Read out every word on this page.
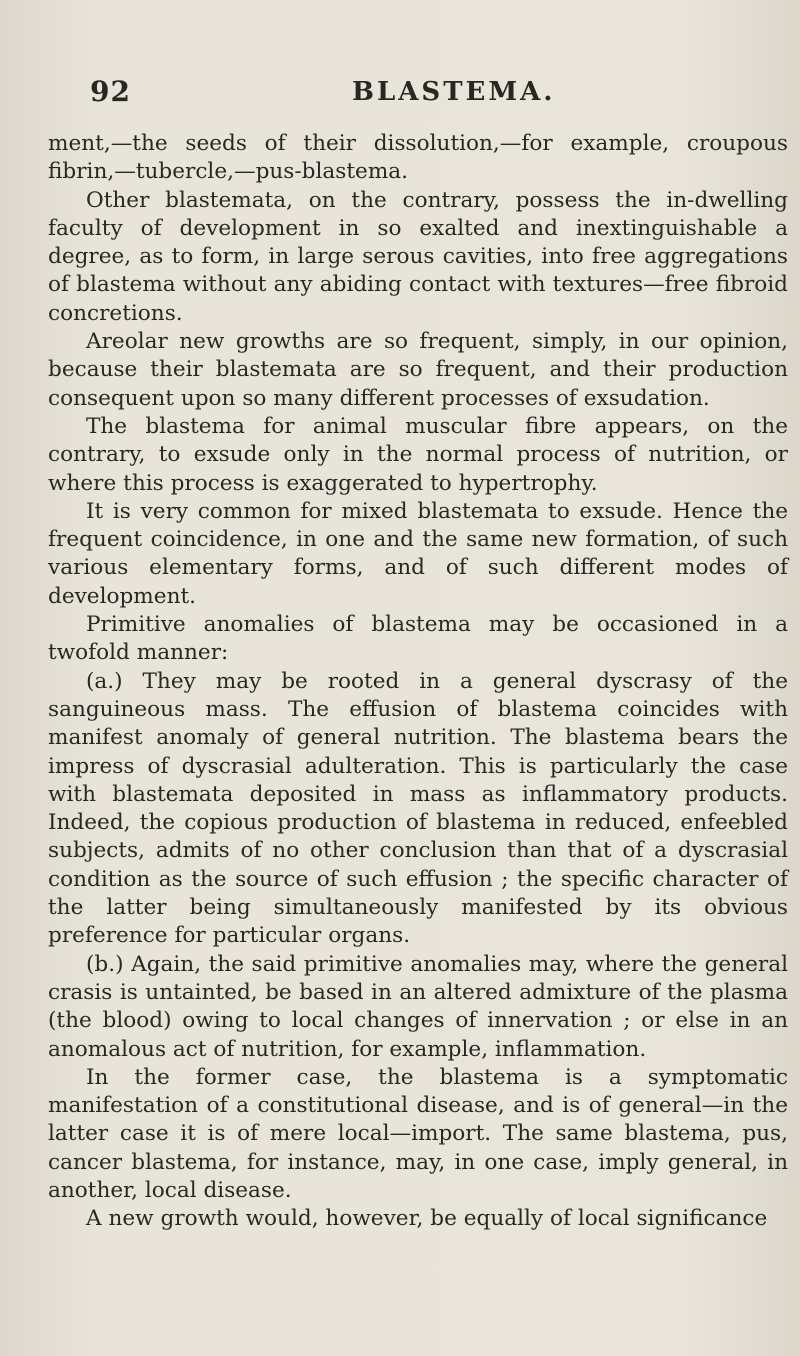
92	BLASTEMA.

ment,—the seeds of their dissolution,—for example, croupous fibrin,—tubercle,—pus-blastema.

Other blastemata, on the contrary, possess the in-dwelling faculty of development in so exalted and inextinguishable a degree, as to form, in large serous cavities, into free aggregations of blastema without any abiding contact with textures—free fibroid concretions.

Areolar new growths are so frequent, simply, in our opinion, because their blastemata are so frequent, and their production consequent upon so many different processes of exsudation.

The blastema for animal muscular fibre appears, on the contrary, to exsude only in the normal process of nutrition, or where this process is exaggerated to hypertrophy.

It is very common for mixed blastemata to exsude. Hence the frequent coincidence, in one and the same new formation, of such various elementary forms, and of such different modes of development.

Primitive anomalies of blastema may be occasioned in a twofold manner:

(a.) They may be rooted in a general dyscrasy of the sanguineous mass. The effusion of blastema coincides with manifest anomaly of general nutrition. The blastema bears the impress of dyscrasial adulteration. This is particularly the case with blastemata deposited in mass as inflammatory products. Indeed, the copious production of blastema in reduced, enfeebled subjects, admits of no other conclusion than that of a dyscrasial condition as the source of such effusion ; the specific character of the latter being simultaneously manifested by its obvious preference for particular organs.

(b.) Again, the said primitive anomalies may, where the general crasis is untainted, be based in an altered admixture of the plasma (the blood) owing to local changes of innervation ; or else in an anomalous act of nutrition, for example, inflammation.

In the former case, the blastema is a symptomatic manifestation of a constitutional disease, and is of general—in the latter case it is of mere local—import. The same blastema, pus, cancer blastema, for instance, may, in one case, imply general, in another, local disease.

A new growth would, however, be equally of local significance
